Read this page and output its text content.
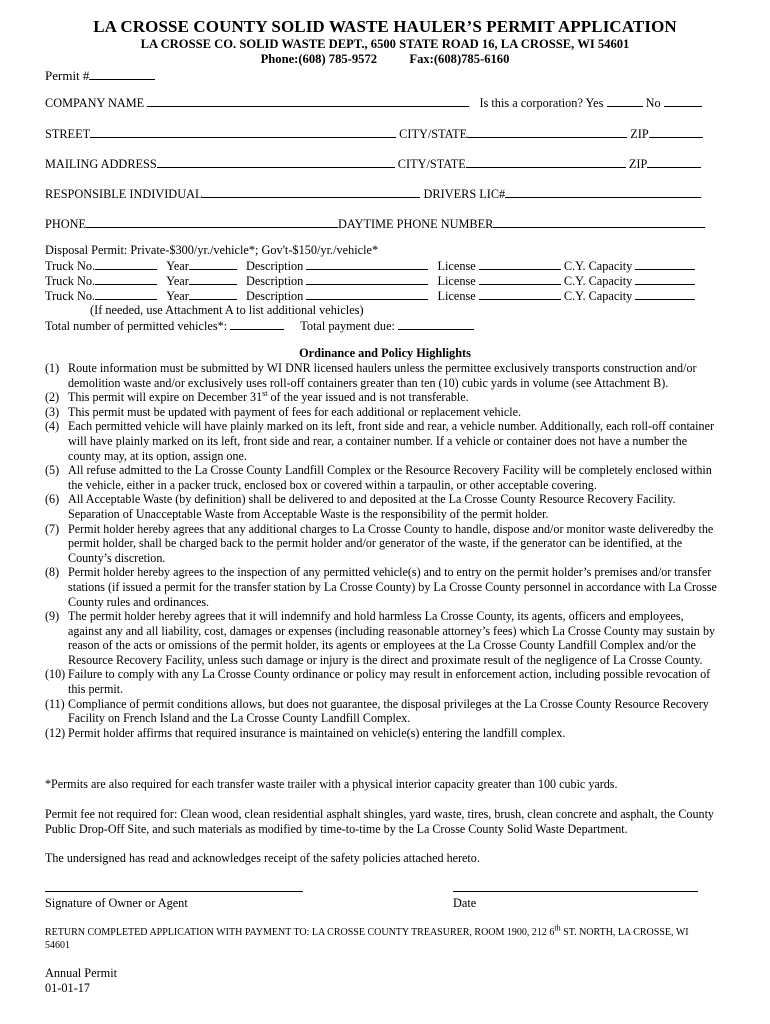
LA CROSSE COUNTY SOLID WASTE HAULER’S PERMIT APPLICATION
LA CROSSE CO. SOLID WASTE DEPT., 6500 STATE ROAD 16, LA CROSSE, WI 54601
Phone:(608) 785-9572	Fax:(608)785-6160
Permit #
COMPANY NAME	Is this a corporation? Yes	No
STREET	CITY/STATE	ZIP
MAILING ADDRESS	CITY/STATE	ZIP
RESPONSIBLE INDIVIDUAL	DRIVERS LIC#
PHONE	DAYTIME PHONE NUMBER
Disposal Permit: Private-$300/yr./vehicle*; Gov't-$150/yr./vehicle*
Truck No.	Year	Description	License	C.Y. Capacity
Truck No.	Year	Description	License	C.Y. Capacity
Truck No.	Year	Description	License	C.Y. Capacity
(If needed, use Attachment A to list additional vehicles)
Total number of permitted vehicles*:	Total payment due:
Ordinance and Policy Highlights
(1) Route information must be submitted by WI DNR licensed haulers unless the permittee exclusively transports construction and/or demolition waste and/or exclusively uses roll-off containers greater than ten (10) cubic yards in volume (see Attachment B).
(2) This permit will expire on December 31st of the year issued and is not transferable.
(3) This permit must be updated with payment of fees for each additional or replacement vehicle.
(4) Each permitted vehicle will have plainly marked on its left, front side and rear, a vehicle number. Additionally, each roll-off container will have plainly marked on its left, front side and rear, a container number. If a vehicle or container does not have a number the county may, at its option, assign one.
(5) All refuse admitted to the La Crosse County Landfill Complex or the Resource Recovery Facility will be completely enclosed within the vehicle, either in a packer truck, enclosed box or covered within a tarpaulin, or other acceptable covering.
(6) All Acceptable Waste (by definition) shall be delivered to and deposited at the La Crosse County Resource Recovery Facility. Separation of Unacceptable Waste from Acceptable Waste is the responsibility of the permit holder.
(7) Permit holder hereby agrees that any additional charges to La Crosse County to handle, dispose and/or monitor waste deliveredby the permit holder, shall be charged back to the permit holder and/or generator of the waste, if the generator can be identified, at the County’s discretion.
(8) Permit holder hereby agrees to the inspection of any permitted vehicle(s) and to entry on the permit holder’s premises and/or transfer stations (if issued a permit for the transfer station by La Crosse County) by La Crosse County personnel in accordance with La Crosse County rules and ordinances.
(9) The permit holder hereby agrees that it will indemnify and hold harmless La Crosse County, its agents, officers and employees, against any and all liability, cost, damages or expenses (including reasonable attorney’s fees) which La Crosse County may sustain by reason of the acts or omissions of the permit holder, its agents or employees at the La Crosse County Landfill Complex and/or the Resource Recovery Facility, unless such damage or injury is the direct and proximate result of the negligence of La Crosse County.
(10) Failure to comply with any La Crosse County ordinance or policy may result in enforcement action, including possible revocation of this permit.
(11) Compliance of permit conditions allows, but does not guarantee, the disposal privileges at the La Crosse County Resource Recovery Facility on French Island and the La Crosse County Landfill Complex.
(12) Permit holder affirms that required insurance is maintained on vehicle(s) entering the landfill complex.
*Permits are also required for each transfer waste trailer with a physical interior capacity greater than 100 cubic yards.
Permit fee not required for: Clean wood, clean residential asphalt shingles, yard waste, tires, brush, clean concrete and asphalt, the County Public Drop-Off Site, and such materials as modified by time-to-time by the La Crosse County Solid Waste Department.
The undersigned has read and acknowledges receipt of the safety policies attached hereto.
Signature of Owner or Agent	Date
RETURN COMPLETED APPLICATION WITH PAYMENT TO: LA CROSSE COUNTY TREASURER, ROOM 1900, 212 6th ST. NORTH, LA CROSSE, WI
54601
Annual Permit
01-01-17
